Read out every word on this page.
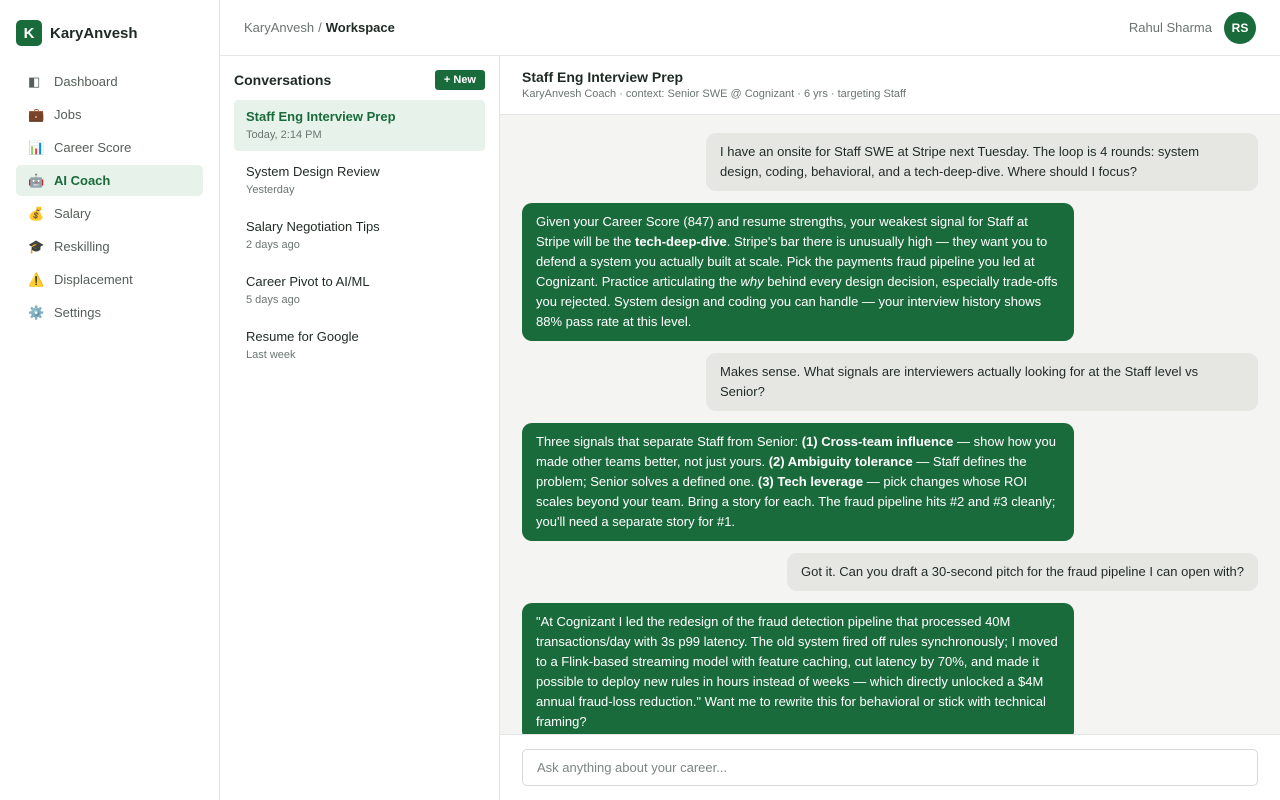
K	KaryAnvesh
◧	Dashboard
💼 Jobs
📊 Career Score
🤖 AI Coach
💰 Salary
🎓 Reskilling
⚠️ Displacement
⚙️ Settings
KaryAnvesh / Workspace	Rahul Sharma	RS
Conversations	+ New
Staff Eng Interview Prep
Today, 2:14 PM
System Design Review
Yesterday
Salary Negotiation Tips
2 days ago
Career Pivot to AI/ML
5 days ago
Resume for Google
Last week
Staff Eng Interview Prep
KaryAnvesh Coach · context: Senior SWE @ Cognizant · 6 yrs · targeting Staff
I have an onsite for Staff SWE at Stripe next Tuesday. The loop is 4 rounds: system design, coding, behavioral, and a tech-deep-dive. Where should I focus?
Given your Career Score (847) and resume strengths, your weakest signal for Staff at Stripe will be the tech-deep-dive. Stripe's bar there is unusually high — they want you to defend a system you actually built at scale. Pick the payments fraud pipeline you led at Cognizant. Practice articulating the why behind every design decision, especially trade-offs you rejected. System design and coding you can handle — your interview history shows 88% pass rate at this level.
Makes sense. What signals are interviewers actually looking for at the Staff level vs Senior?
Three signals that separate Staff from Senior: (1) Cross-team influence — show how you made other teams better, not just yours. (2) Ambiguity tolerance — Staff defines the problem; Senior solves a defined one. (3) Tech leverage — pick changes whose ROI scales beyond your team. Bring a story for each. The fraud pipeline hits #2 and #3 cleanly; you'll need a separate story for #1.
Got it. Can you draft a 30-second pitch for the fraud pipeline I can open with?
"At Cognizant I led the redesign of the fraud detection pipeline that processed 40M transactions/day with 3s p99 latency. The old system fired off rules synchronously; I moved to a Flink-based streaming model with feature caching, cut latency by 70%, and made it possible to deploy new rules in hours instead of weeks — which directly unlocked a $4M annual fraud-loss reduction." Want me to rewrite this for behavioral or stick with technical framing?
Ask anything about your career...
